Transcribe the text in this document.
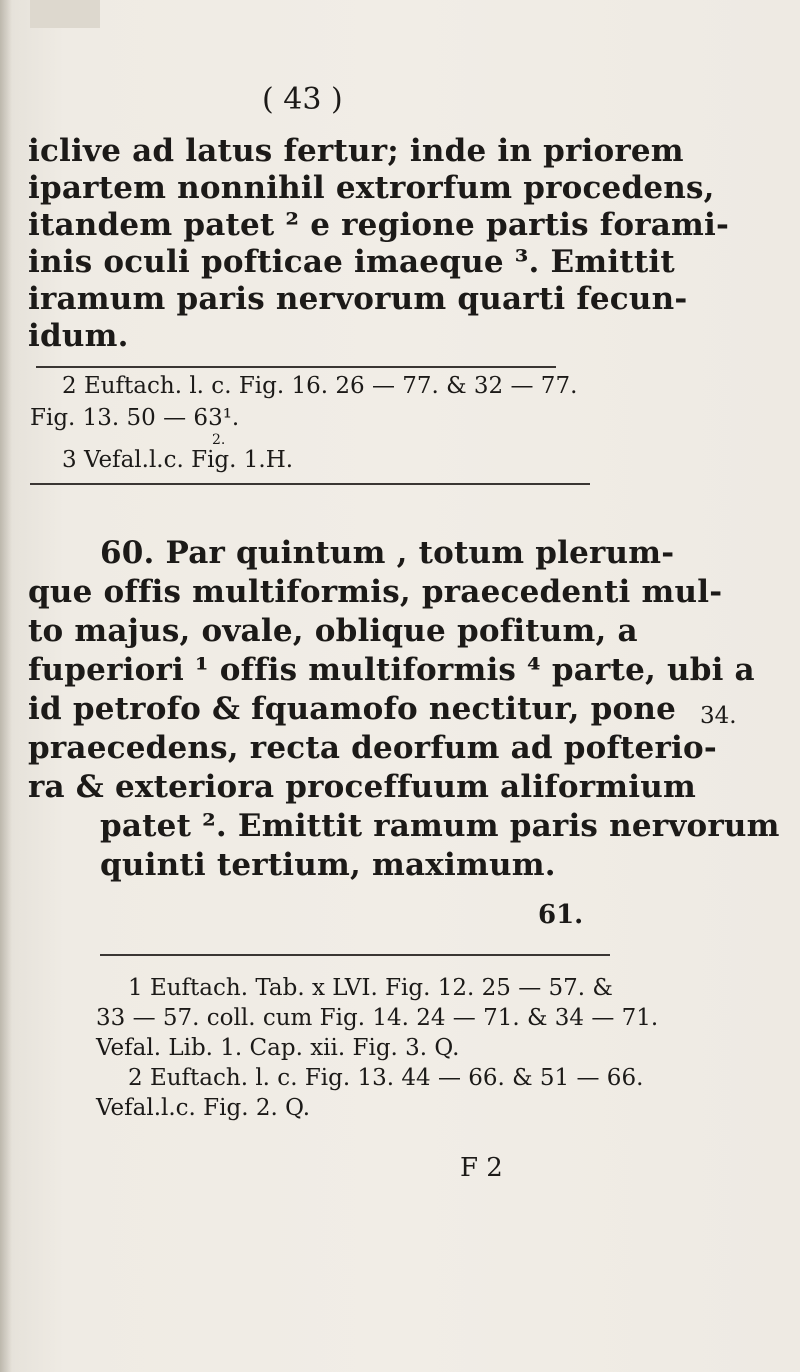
( 43 )
iclive ad latus fertur; inde in priorem
ipartem nonnihil extrorfum procedens,
itandem patet ² e regione partis forami-
inis oculi pofticae imaeque ³. Emittit
iramum paris nervorum quarti fecun-
idum.
2 Euftach. l. c. Fig. 16. 26 — 77. & 32 — 77.
Fig. 13. 50 — 63¹.
2.
3 Vefal.l.c. Fig. 1.H.
60. Par quintum , totum plerum-
que offis multiformis, praecedenti mul-
to majus, ovale, oblique pofitum, a
fuperiori ¹ offis multiformis ⁴ parte, ubi a
id petrofo & fquamofo nectitur, pone
praecedens, recta deorfum ad pofterio-
ra & exteriora proceffuum aliformium
patet ². Emittit ramum paris nervorum
quinti tertium, maximum.
34.
61.
1 Euftach. Tab. x LVI. Fig. 12. 25 — 57. &
33 — 57. coll. cum Fig. 14. 24 — 71. & 34 — 71.
Vefal. Lib. 1. Cap. xii. Fig. 3. Q.
2 Euftach. l. c. Fig. 13. 44 — 66. & 51 — 66.
Vefal.l.c. Fig. 2. Q.
F 2
